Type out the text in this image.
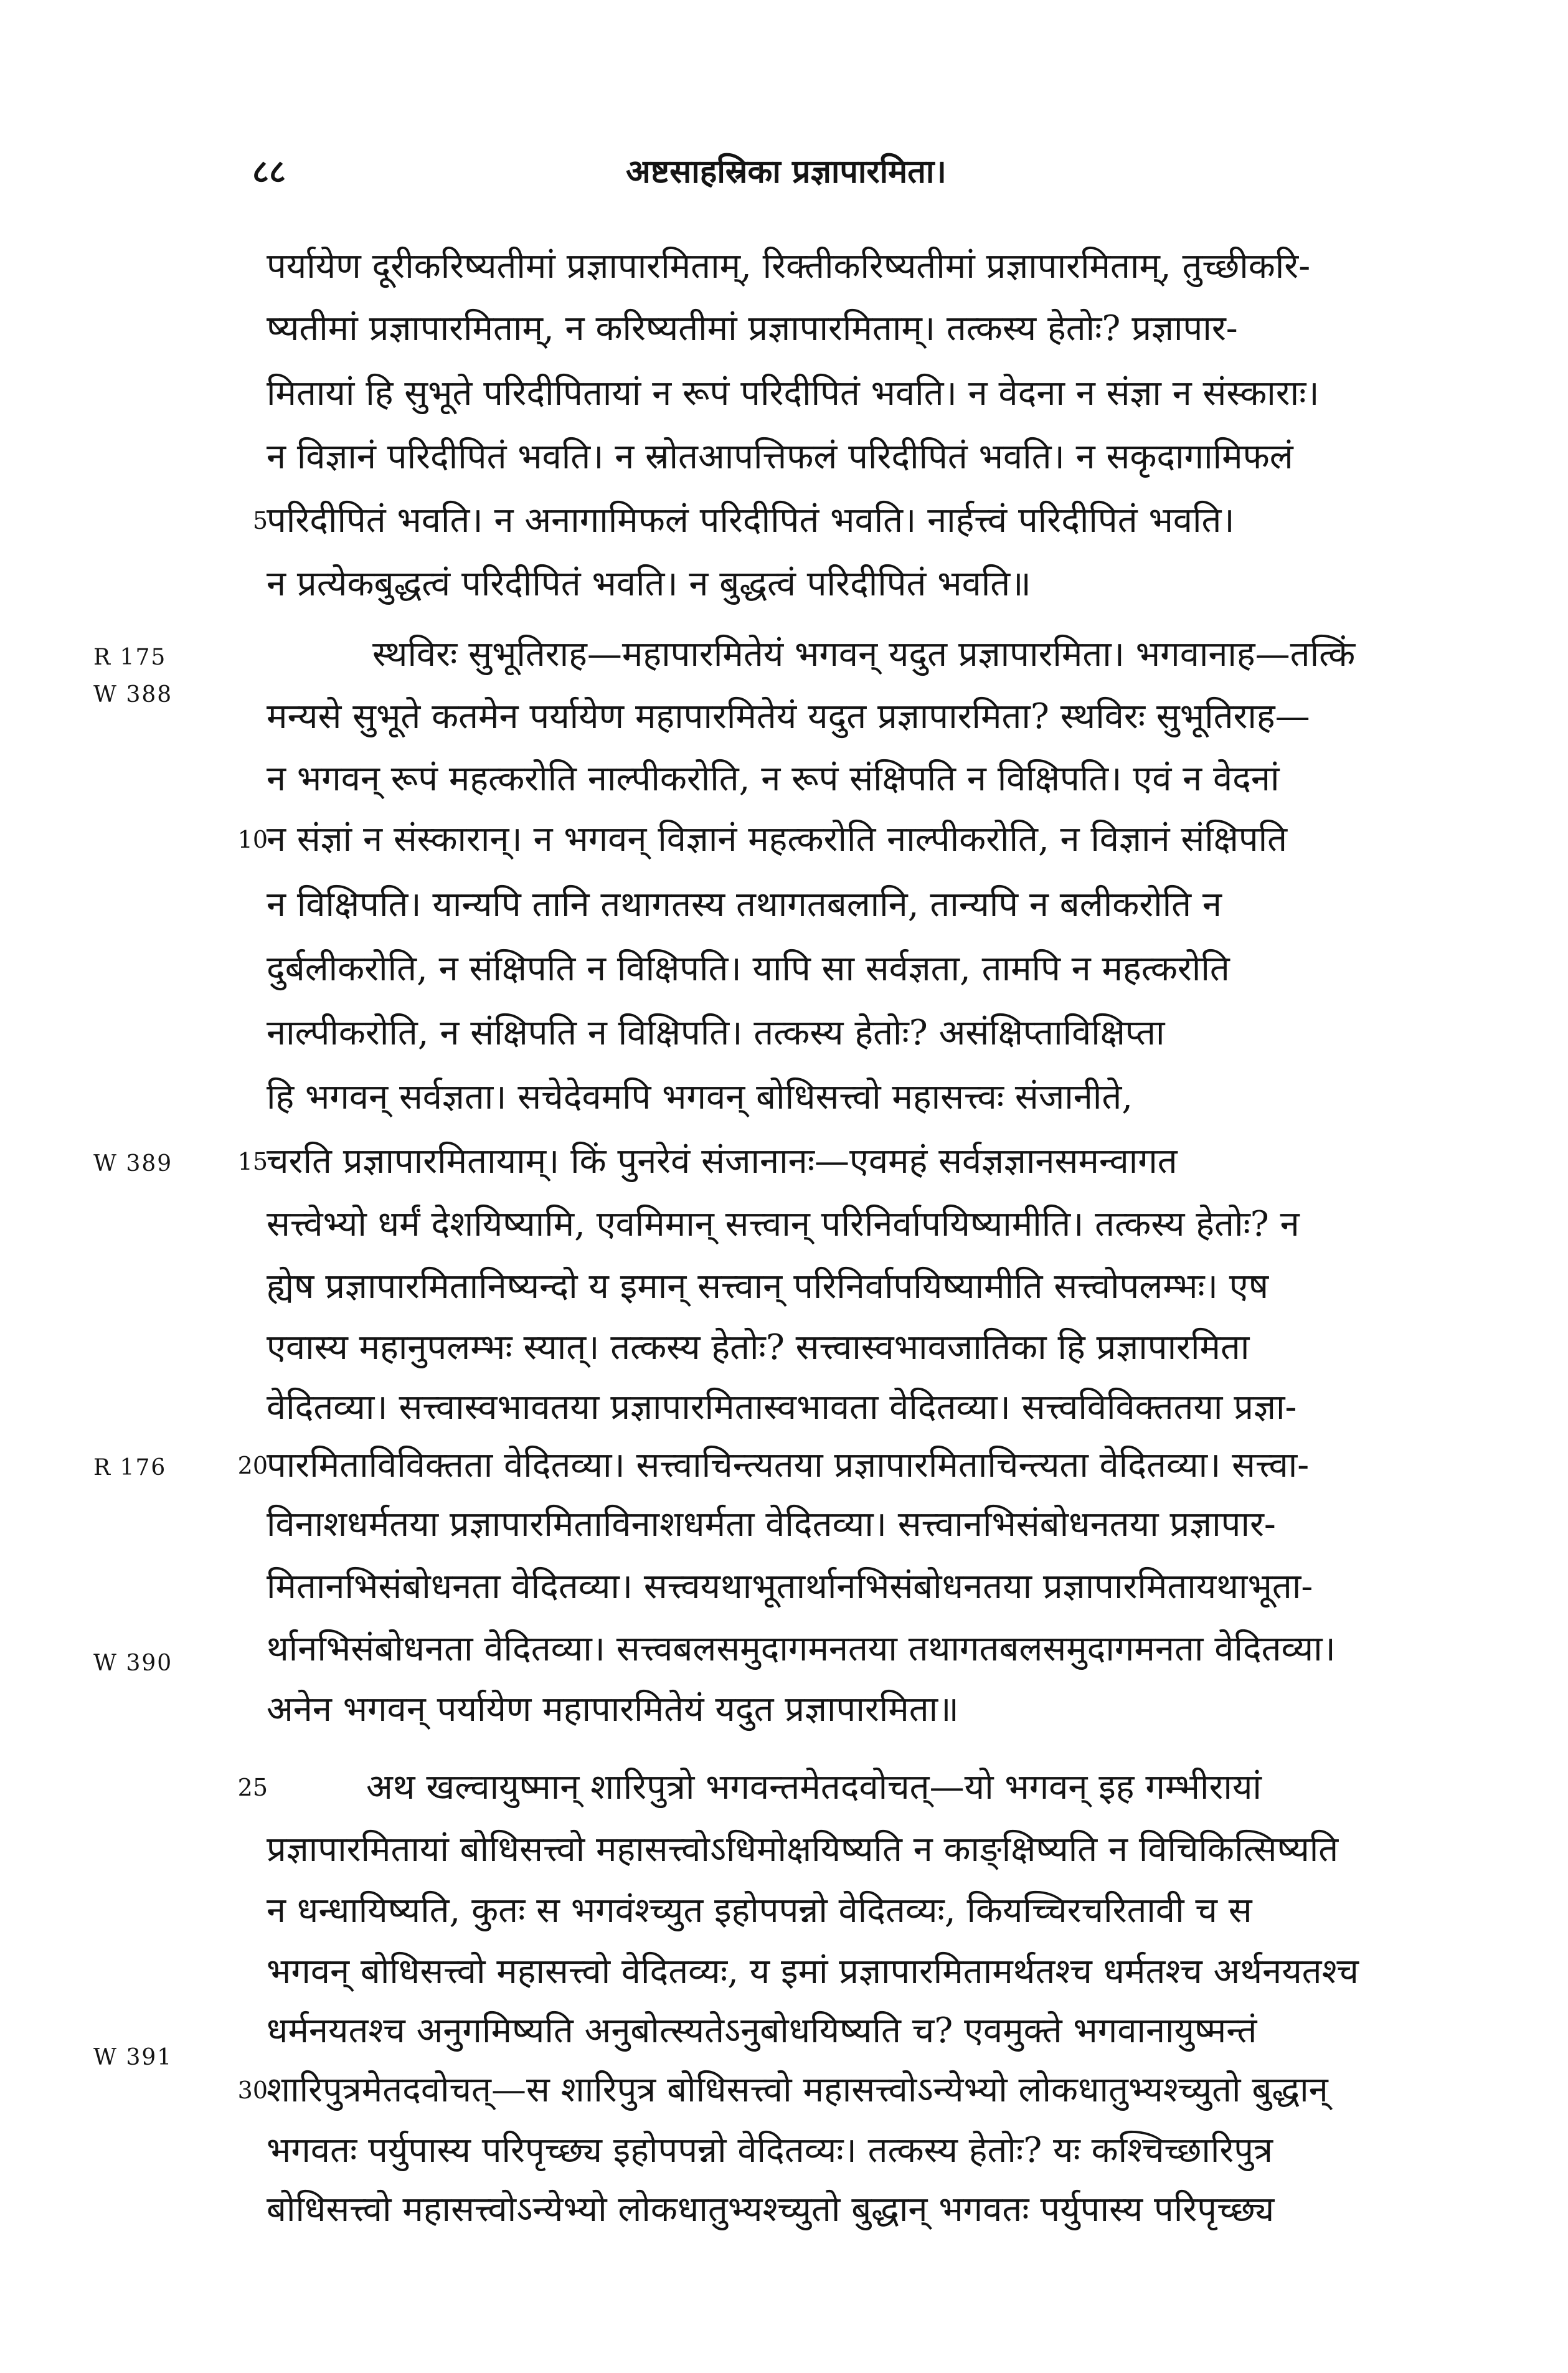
८८	अष्टसाहस्रिका प्रज्ञापारमिता।
R 175
W 388
W 389
R 176
W 390
W 391
5
10
15
20
25
30
पर्यायेण दूरीकरिष्यतीमां प्रज्ञापारमिताम्, रिक्तीकरिष्यतीमां प्रज्ञापारमिताम्, तुच्छीकरि-
ष्यतीमां प्रज्ञापारमिताम्, न करिष्यतीमां प्रज्ञापारमिताम्। तत्कस्य हेतोः? प्रज्ञापार-
मितायां हि सुभूते परिदीपितायां न रूपं परिदीपितं भवति। न वेदना न संज्ञा न संस्काराः।
न विज्ञानं परिदीपितं भवति। न स्रोतआपत्तिफलं परिदीपितं भवति। न सकृदागामिफलं
परिदीपितं भवति। न अनागामिफलं परिदीपितं भवति। नार्हत्त्वं परिदीपितं भवति।
न प्रत्येकबुद्धत्वं परिदीपितं भवति। न बुद्धत्वं परिदीपितं भवति॥
स्थविरः सुभूतिराह—महापारमितेयं भगवन् यदुत प्रज्ञापारमिता। भगवानाह—तत्किं
मन्यसे सुभूते कतमेन पर्यायेण महापारमितेयं यदुत प्रज्ञापारमिता? स्थविरः सुभूतिराह—
न भगवन् रूपं महत्करोति नाल्पीकरोति, न रूपं संक्षिपति न विक्षिपति। एवं न वेदनां
न संज्ञां न संस्कारान्। न भगवन् विज्ञानं महत्करोति नाल्पीकरोति, न विज्ञानं संक्षिपति
न विक्षिपति। यान्यपि तानि तथागतस्य तथागतबलानि, तान्यपि न बलीकरोति न
दुर्बलीकरोति, न संक्षिपति न विक्षिपति। यापि सा सर्वज्ञता, तामपि न महत्करोति
नाल्पीकरोति, न संक्षिपति न विक्षिपति। तत्कस्य हेतोः? असंक्षिप्ताविक्षिप्ता
हि भगवन् सर्वज्ञता। सचेदेवमपि भगवन् बोधिसत्त्वो महासत्त्वः संजानीते,
चरति प्रज्ञापारमितायाम्। किं पुनरेवं संजानानः—एवमहं सर्वज्ञज्ञानसमन्वागत
सत्त्वेभ्यो धर्मं देशयिष्यामि, एवमिमान् सत्त्वान् परिनिर्वापयिष्यामीति। तत्कस्य हेतोः? न
ह्येष प्रज्ञापारमितानिष्यन्दो य इमान् सत्त्वान् परिनिर्वापयिष्यामीति सत्त्वोपलम्भः। एष
एवास्य महानुपलम्भः स्यात्। तत्कस्य हेतोः? सत्त्वास्वभावजातिका हि प्रज्ञापारमिता
वेदितव्या। सत्त्वास्वभावतया प्रज्ञापारमितास्वभावता वेदितव्या। सत्त्वविविक्ततया प्रज्ञा-
पारमिताविविक्तता वेदितव्या। सत्त्वाचिन्त्यतया प्रज्ञापारमिताचिन्त्यता वेदितव्या। सत्त्वा-
विनाशधर्मतया प्रज्ञापारमिताविनाशधर्मता वेदितव्या। सत्त्वानभिसंबोधनतया प्रज्ञापार-
मितानभिसंबोधनता वेदितव्या। सत्त्वयथाभूतार्थानभिसंबोधनतया प्रज्ञापारमितायथाभूता-
र्थानभिसंबोधनता वेदितव्या। सत्त्वबलसमुदागमनतया तथागतबलसमुदागमनता वेदितव्या।
अनेन भगवन् पर्यायेण महापारमितेयं यदुत प्रज्ञापारमिता॥
अथ खल्वायुष्मान् शारिपुत्रो भगवन्तमेतदवोचत्—यो भगवन् इह गम्भीरायां
प्रज्ञापारमितायां बोधिसत्त्वो महासत्त्वोऽधिमोक्षयिष्यति न काङ्क्षिष्यति न विचिकित्सिष्यति
न धन्धायिष्यति, कुतः स भगवंश्च्युत इहोपपन्नो वेदितव्यः, कियच्चिरचरितावी च स
भगवन् बोधिसत्त्वो महासत्त्वो वेदितव्यः, य इमां प्रज्ञापारमितामर्थतश्च धर्मतश्च अर्थनयतश्च
धर्मनयतश्च अनुगमिष्यति अनुबोत्स्यतेऽनुबोधयिष्यति च? एवमुक्ते भगवानायुष्मन्तं
शारिपुत्रमेतदवोचत्—स शारिपुत्र बोधिसत्त्वो महासत्त्वोऽन्येभ्यो लोकधातुभ्यश्च्युतो बुद्धान्
भगवतः पर्युपास्य परिपृच्छ्य इहोपपन्नो वेदितव्यः। तत्कस्य हेतोः? यः कश्चिच्छारिपुत्र
बोधिसत्त्वो महासत्त्वोऽन्येभ्यो लोकधातुभ्यश्च्युतो बुद्धान् भगवतः पर्युपास्य परिपृच्छ्य
